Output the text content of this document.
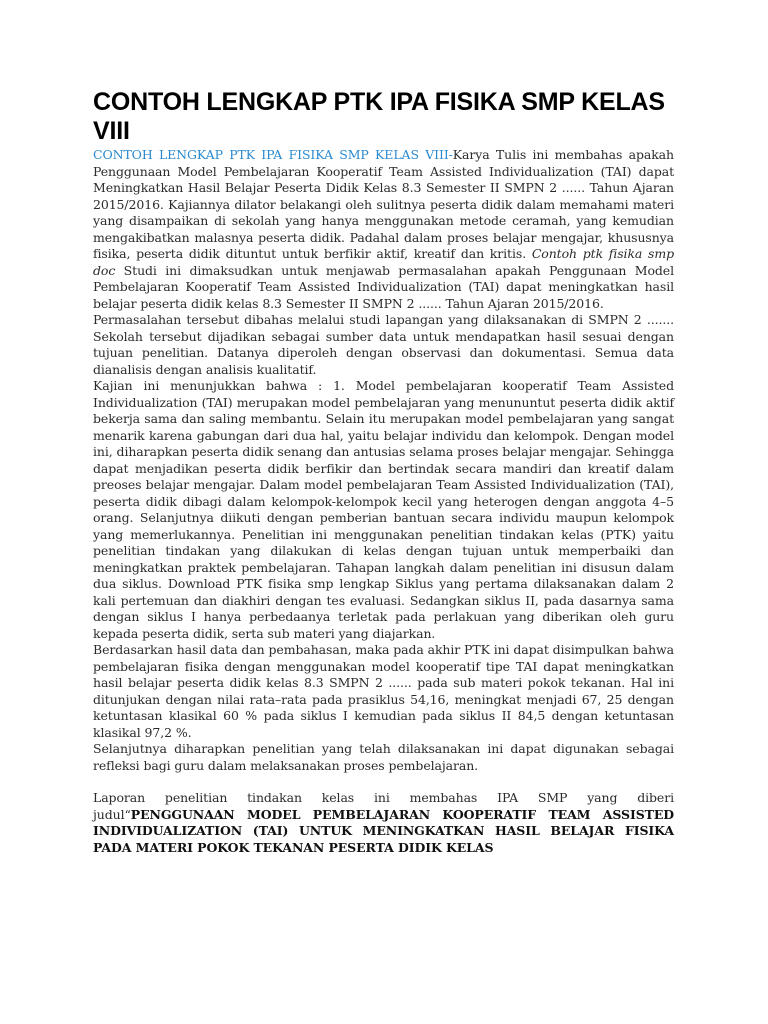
CONTOH LENGKAP PTK IPA FISIKA SMP KELAS VIII

CONTOH LENGKAP PTK IPA FISIKA SMP KELAS VIII-Karya Tulis ini membahas apakah Penggunaan Model Pembelajaran Kooperatif Team Assisted Individualization (TAI) dapat Meningkatkan Hasil Belajar Peserta Didik Kelas 8.3 Semester II SMPN 2 ...... Tahun Ajaran 2015/2016. Kajiannya dilator belakangi oleh sulitnya peserta didik dalam memahami materi yang disampaikan di sekolah yang hanya menggunakan metode ceramah, yang kemudian mengakibatkan malasnya peserta didik. Padahal dalam proses belajar mengajar, khususnya fisika, peserta didik dituntut untuk berfikir aktif, kreatif dan kritis. Contoh ptk fisika smp doc Studi ini dimaksudkan untuk menjawab permasalahan apakah Penggunaan Model Pembelajaran Kooperatif Team Assisted Individualization (TAI) dapat meningkatkan hasil belajar peserta didik kelas 8.3 Semester II SMPN 2 ...... Tahun Ajaran 2015/2016.

Permasalahan tersebut dibahas melalui studi lapangan yang dilaksanakan di SMPN 2 ....... Sekolah tersebut dijadikan sebagai sumber data untuk mendapatkan hasil sesuai dengan tujuan penelitian. Datanya diperoleh dengan observasi dan dokumentasi. Semua data dianalisis dengan analisis kualitatif.

Kajian ini menunjukkan bahwa : 1. Model pembelajaran kooperatif Team Assisted Individualization (TAI) merupakan model pembelajaran yang menununtut peserta didik aktif bekerja sama dan saling membantu. Selain itu merupakan model pembelajaran yang sangat menarik karena gabungan dari dua hal, yaitu belajar individu dan kelompok. Dengan model ini, diharapkan peserta didik senang dan antusias selama proses belajar mengajar. Sehingga dapat menjadikan peserta didik berfikir dan bertindak secara mandiri dan kreatif dalam preoses belajar mengajar. Dalam model pembelajaran Team Assisted Individualization (TAI), peserta didik dibagi dalam kelompok-kelompok kecil yang heterogen dengan anggota 4–5 orang. Selanjutnya diikuti dengan pemberian bantuan secara individu maupun kelompok yang memerlukannya. Penelitian ini menggunakan penelitian tindakan kelas (PTK) yaitu penelitian tindakan yang dilakukan di kelas dengan tujuan untuk memperbaiki dan meningkatkan praktek pembelajaran. Tahapan langkah dalam penelitian ini disusun dalam dua siklus. Download PTK fisika smp lengkap Siklus yang pertama dilaksanakan dalam 2 kali pertemuan dan diakhiri dengan tes evaluasi. Sedangkan siklus II, pada dasarnya sama dengan siklus I hanya perbedaanya terletak pada perlakuan yang diberikan oleh guru kepada peserta didik, serta sub materi yang diajarkan.

Berdasarkan hasil data dan pembahasan, maka pada akhir PTK ini dapat disimpulkan bahwa pembelajaran fisika dengan menggunakan model kooperatif tipe TAI dapat meningkatkan hasil belajar peserta didik kelas 8.3 SMPN 2 ...... pada sub materi pokok tekanan. Hal ini ditunjukan dengan nilai rata–rata pada prasiklus 54,16, meningkat menjadi 67, 25 dengan ketuntasan klasikal 60 % pada siklus I kemudian pada siklus II 84,5 dengan ketuntasan klasikal 97,2 %.

Selanjutnya diharapkan penelitian yang telah dilaksanakan ini dapat digunakan sebagai refleksi bagi guru dalam melaksanakan proses pembelajaran.

Laporan penelitian tindakan kelas ini membahas IPA SMP yang diberi judul“PENGGUNAAN MODEL PEMBELAJARAN KOOPERATIF TEAM ASSISTED INDIVIDUALIZATION (TAI) UNTUK MENINGKATKAN HASIL BELAJAR FISIKA PADA MATERI POKOK TEKANAN PESERTA DIDIK KELAS
